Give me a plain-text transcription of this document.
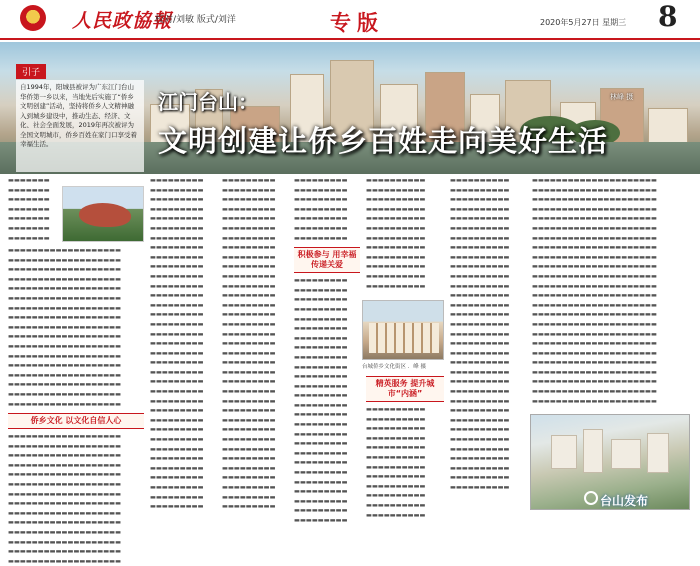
人民政協報
校对/刘敏 版式/刘洋	专版	2020年5月27日 星期三 8
引子
自1994年，阳城县被评为广东江门台山华侨第一乡以来，当地先后实施了“侨乡文明创建”活动，坚持将侨乡人文精神融入到城乡建设中，推动生态、经济、文化、社会全面发展，2019年再次被评为全国文明城市，侨乡百姓在家门口享受着幸福生活。
江门台山：
文明创建让侨乡百姓走向美好生活
林峰 摄
▬▬▬▬▬▬▬ ▬▬▬▬▬▬▬ ▬▬▬▬▬▬▬ ▬▬▬▬▬▬▬ ▬▬▬▬▬▬▬ ▬▬▬▬▬▬▬ ▬▬▬▬▬▬▬
▬▬▬▬▬▬▬▬▬▬▬▬▬▬▬▬▬▬▬ ▬▬▬▬▬▬▬▬▬▬▬▬▬▬▬▬▬▬▬ ▬▬▬▬▬▬▬▬▬▬▬▬▬▬▬▬▬▬▬ ▬▬▬▬▬▬▬▬▬▬▬▬▬▬▬▬▬▬▬ ▬▬▬▬▬▬▬▬▬▬▬▬▬▬▬▬▬▬▬ ▬▬▬▬▬▬▬▬▬▬▬▬▬▬▬▬▬▬▬ ▬▬▬▬▬▬▬▬▬▬▬▬▬▬▬▬▬▬▬ ▬▬▬▬▬▬▬▬▬▬▬▬▬▬▬▬▬▬▬ ▬▬▬▬▬▬▬▬▬▬▬▬▬▬▬▬▬▬▬ ▬▬▬▬▬▬▬▬▬▬▬▬▬▬▬▬▬▬▬ ▬▬▬▬▬▬▬▬▬▬▬▬▬▬▬▬▬▬▬ ▬▬▬▬▬▬▬▬▬▬▬▬▬▬▬▬▬▬▬ ▬▬▬▬▬▬▬▬▬▬▬▬▬▬▬▬▬▬▬ ▬▬▬▬▬▬▬▬▬▬▬▬▬▬▬▬▬▬▬ ▬▬▬▬▬▬▬▬▬▬▬▬▬▬▬▬▬▬▬ ▬▬▬▬▬▬▬▬▬▬▬▬▬▬▬▬▬▬▬ ▬▬▬▬▬▬▬▬▬▬▬▬▬▬▬▬▬▬▬
侨乡文化 以文化自信人心
▬▬▬▬▬▬▬▬▬▬▬▬▬▬▬▬▬▬▬ ▬▬▬▬▬▬▬▬▬▬▬▬▬▬▬▬▬▬▬ ▬▬▬▬▬▬▬▬▬▬▬▬▬▬▬▬▬▬▬ ▬▬▬▬▬▬▬▬▬▬▬▬▬▬▬▬▬▬▬ ▬▬▬▬▬▬▬▬▬▬▬▬▬▬▬▬▬▬▬ ▬▬▬▬▬▬▬▬▬▬▬▬▬▬▬▬▬▬▬ ▬▬▬▬▬▬▬▬▬▬▬▬▬▬▬▬▬▬▬ ▬▬▬▬▬▬▬▬▬▬▬▬▬▬▬▬▬▬▬ ▬▬▬▬▬▬▬▬▬▬▬▬▬▬▬▬▬▬▬ ▬▬▬▬▬▬▬▬▬▬▬▬▬▬▬▬▬▬▬ ▬▬▬▬▬▬▬▬▬▬▬▬▬▬▬▬▬▬▬ ▬▬▬▬▬▬▬▬▬▬▬▬▬▬▬▬▬▬▬ ▬▬▬▬▬▬▬▬▬▬▬▬▬▬▬▬▬▬▬ ▬▬▬▬▬▬▬▬▬▬▬▬▬▬▬▬▬▬▬
▬▬▬▬▬▬▬▬▬ ▬▬▬▬▬▬▬▬▬ ▬▬▬▬▬▬▬▬▬ ▬▬▬▬▬▬▬▬▬ ▬▬▬▬▬▬▬▬▬ ▬▬▬▬▬▬▬▬▬ ▬▬▬▬▬▬▬▬▬ ▬▬▬▬▬▬▬▬▬ ▬▬▬▬▬▬▬▬▬ ▬▬▬▬▬▬▬▬▬ ▬▬▬▬▬▬▬▬▬ ▬▬▬▬▬▬▬▬▬ ▬▬▬▬▬▬▬▬▬ ▬▬▬▬▬▬▬▬▬ ▬▬▬▬▬▬▬▬▬ ▬▬▬▬▬▬▬▬▬ ▬▬▬▬▬▬▬▬▬ ▬▬▬▬▬▬▬▬▬ ▬▬▬▬▬▬▬▬▬ ▬▬▬▬▬▬▬▬▬ ▬▬▬▬▬▬▬▬▬ ▬▬▬▬▬▬▬▬▬ ▬▬▬▬▬▬▬▬▬ ▬▬▬▬▬▬▬▬▬ ▬▬▬▬▬▬▬▬▬ ▬▬▬▬▬▬▬▬▬ ▬▬▬▬▬▬▬▬▬ ▬▬▬▬▬▬▬▬▬ ▬▬▬▬▬▬▬▬▬ ▬▬▬▬▬▬▬▬▬ ▬▬▬▬▬▬▬▬▬ ▬▬▬▬▬▬▬▬▬ ▬▬▬▬▬▬▬▬▬ ▬▬▬▬▬▬▬▬▬ ▬▬▬▬▬▬▬▬▬
▬▬▬▬▬▬▬▬▬ ▬▬▬▬▬▬▬▬▬ ▬▬▬▬▬▬▬▬▬ ▬▬▬▬▬▬▬▬▬ ▬▬▬▬▬▬▬▬▬ ▬▬▬▬▬▬▬▬▬ ▬▬▬▬▬▬▬▬▬ ▬▬▬▬▬▬▬▬▬ ▬▬▬▬▬▬▬▬▬ ▬▬▬▬▬▬▬▬▬ ▬▬▬▬▬▬▬▬▬ ▬▬▬▬▬▬▬▬▬ ▬▬▬▬▬▬▬▬▬ ▬▬▬▬▬▬▬▬▬ ▬▬▬▬▬▬▬▬▬ ▬▬▬▬▬▬▬▬▬ ▬▬▬▬▬▬▬▬▬ ▬▬▬▬▬▬▬▬▬ ▬▬▬▬▬▬▬▬▬ ▬▬▬▬▬▬▬▬▬ ▬▬▬▬▬▬▬▬▬ ▬▬▬▬▬▬▬▬▬ ▬▬▬▬▬▬▬▬▬ ▬▬▬▬▬▬▬▬▬ ▬▬▬▬▬▬▬▬▬ ▬▬▬▬▬▬▬▬▬ ▬▬▬▬▬▬▬▬▬ ▬▬▬▬▬▬▬▬▬ ▬▬▬▬▬▬▬▬▬ ▬▬▬▬▬▬▬▬▬ ▬▬▬▬▬▬▬▬▬ ▬▬▬▬▬▬▬▬▬ ▬▬▬▬▬▬▬▬▬ ▬▬▬▬▬▬▬▬▬ ▬▬▬▬▬▬▬▬▬
▬▬▬▬▬▬▬▬▬ ▬▬▬▬▬▬▬▬▬ ▬▬▬▬▬▬▬▬▬ ▬▬▬▬▬▬▬▬▬ ▬▬▬▬▬▬▬▬▬ ▬▬▬▬▬▬▬▬▬ ▬▬▬▬▬▬▬▬▬
积极参与 用幸福传递关爱
▬▬▬▬▬▬▬▬▬ ▬▬▬▬▬▬▬▬▬ ▬▬▬▬▬▬▬▬▬ ▬▬▬▬▬▬▬▬▬ ▬▬▬▬▬▬▬▬▬ ▬▬▬▬▬▬▬▬▬ ▬▬▬▬▬▬▬▬▬ ▬▬▬▬▬▬▬▬▬ ▬▬▬▬▬▬▬▬▬ ▬▬▬▬▬▬▬▬▬ ▬▬▬▬▬▬▬▬▬ ▬▬▬▬▬▬▬▬▬ ▬▬▬▬▬▬▬▬▬ ▬▬▬▬▬▬▬▬▬ ▬▬▬▬▬▬▬▬▬ ▬▬▬▬▬▬▬▬▬ ▬▬▬▬▬▬▬▬▬ ▬▬▬▬▬▬▬▬▬ ▬▬▬▬▬▬▬▬▬ ▬▬▬▬▬▬▬▬▬ ▬▬▬▬▬▬▬▬▬ ▬▬▬▬▬▬▬▬▬ ▬▬▬▬▬▬▬▬▬ ▬▬▬▬▬▬▬▬▬ ▬▬▬▬▬▬▬▬▬ ▬▬▬▬▬▬▬▬▬
▬▬▬▬▬▬▬▬▬▬ ▬▬▬▬▬▬▬▬▬▬ ▬▬▬▬▬▬▬▬▬▬ ▬▬▬▬▬▬▬▬▬▬ ▬▬▬▬▬▬▬▬▬▬ ▬▬▬▬▬▬▬▬▬▬ ▬▬▬▬▬▬▬▬▬▬ ▬▬▬▬▬▬▬▬▬▬ ▬▬▬▬▬▬▬▬▬▬ ▬▬▬▬▬▬▬▬▬▬ ▬▬▬▬▬▬▬▬▬▬ ▬▬▬▬▬▬▬▬▬▬
台城侨乡文化街区 ．峰 摄
精英服务 提升城市“内涵”
▬▬▬▬▬▬▬▬▬▬ ▬▬▬▬▬▬▬▬▬▬ ▬▬▬▬▬▬▬▬▬▬ ▬▬▬▬▬▬▬▬▬▬ ▬▬▬▬▬▬▬▬▬▬ ▬▬▬▬▬▬▬▬▬▬ ▬▬▬▬▬▬▬▬▬▬ ▬▬▬▬▬▬▬▬▬▬ ▬▬▬▬▬▬▬▬▬▬ ▬▬▬▬▬▬▬▬▬▬ ▬▬▬▬▬▬▬▬▬▬ ▬▬▬▬▬▬▬▬▬▬
▬▬▬▬▬▬▬▬▬▬ ▬▬▬▬▬▬▬▬▬▬ ▬▬▬▬▬▬▬▬▬▬ ▬▬▬▬▬▬▬▬▬▬ ▬▬▬▬▬▬▬▬▬▬ ▬▬▬▬▬▬▬▬▬▬ ▬▬▬▬▬▬▬▬▬▬ ▬▬▬▬▬▬▬▬▬▬ ▬▬▬▬▬▬▬▬▬▬ ▬▬▬▬▬▬▬▬▬▬ ▬▬▬▬▬▬▬▬▬▬ ▬▬▬▬▬▬▬▬▬▬ ▬▬▬▬▬▬▬▬▬▬ ▬▬▬▬▬▬▬▬▬▬ ▬▬▬▬▬▬▬▬▬▬ ▬▬▬▬▬▬▬▬▬▬ ▬▬▬▬▬▬▬▬▬▬ ▬▬▬▬▬▬▬▬▬▬ ▬▬▬▬▬▬▬▬▬▬ ▬▬▬▬▬▬▬▬▬▬ ▬▬▬▬▬▬▬▬▬▬ ▬▬▬▬▬▬▬▬▬▬ ▬▬▬▬▬▬▬▬▬▬ ▬▬▬▬▬▬▬▬▬▬ ▬▬▬▬▬▬▬▬▬▬ ▬▬▬▬▬▬▬▬▬▬ ▬▬▬▬▬▬▬▬▬▬ ▬▬▬▬▬▬▬▬▬▬ ▬▬▬▬▬▬▬▬▬▬ ▬▬▬▬▬▬▬▬▬▬ ▬▬▬▬▬▬▬▬▬▬ ▬▬▬▬▬▬▬▬▬▬ ▬▬▬▬▬▬▬▬▬▬
▬▬▬▬▬▬▬▬▬▬▬▬▬▬▬▬▬▬▬▬▬ ▬▬▬▬▬▬▬▬▬▬▬▬▬▬▬▬▬▬▬▬▬ ▬▬▬▬▬▬▬▬▬▬▬▬▬▬▬▬▬▬▬▬▬ ▬▬▬▬▬▬▬▬▬▬▬▬▬▬▬▬▬▬▬▬▬ ▬▬▬▬▬▬▬▬▬▬▬▬▬▬▬▬▬▬▬▬▬ ▬▬▬▬▬▬▬▬▬▬▬▬▬▬▬▬▬▬▬▬▬ ▬▬▬▬▬▬▬▬▬▬▬▬▬▬▬▬▬▬▬▬▬ ▬▬▬▬▬▬▬▬▬▬▬▬▬▬▬▬▬▬▬▬▬ ▬▬▬▬▬▬▬▬▬▬▬▬▬▬▬▬▬▬▬▬▬ ▬▬▬▬▬▬▬▬▬▬▬▬▬▬▬▬▬▬▬▬▬ ▬▬▬▬▬▬▬▬▬▬▬▬▬▬▬▬▬▬▬▬▬ ▬▬▬▬▬▬▬▬▬▬▬▬▬▬▬▬▬▬▬▬▬ ▬▬▬▬▬▬▬▬▬▬▬▬▬▬▬▬▬▬▬▬▬ ▬▬▬▬▬▬▬▬▬▬▬▬▬▬▬▬▬▬▬▬▬ ▬▬▬▬▬▬▬▬▬▬▬▬▬▬▬▬▬▬▬▬▬ ▬▬▬▬▬▬▬▬▬▬▬▬▬▬▬▬▬▬▬▬▬ ▬▬▬▬▬▬▬▬▬▬▬▬▬▬▬▬▬▬▬▬▬ ▬▬▬▬▬▬▬▬▬▬▬▬▬▬▬▬▬▬▬▬▬ ▬▬▬▬▬▬▬▬▬▬▬▬▬▬▬▬▬▬▬▬▬ ▬▬▬▬▬▬▬▬▬▬▬▬▬▬▬▬▬▬▬▬▬ ▬▬▬▬▬▬▬▬▬▬▬▬▬▬▬▬▬▬▬▬▬ ▬▬▬▬▬▬▬▬▬▬▬▬▬▬▬▬▬▬▬▬▬ ▬▬▬▬▬▬▬▬▬▬▬▬▬▬▬▬▬▬▬▬▬ ▬▬▬▬▬▬▬▬▬▬▬▬▬▬▬▬▬▬▬▬▬
台山发布
